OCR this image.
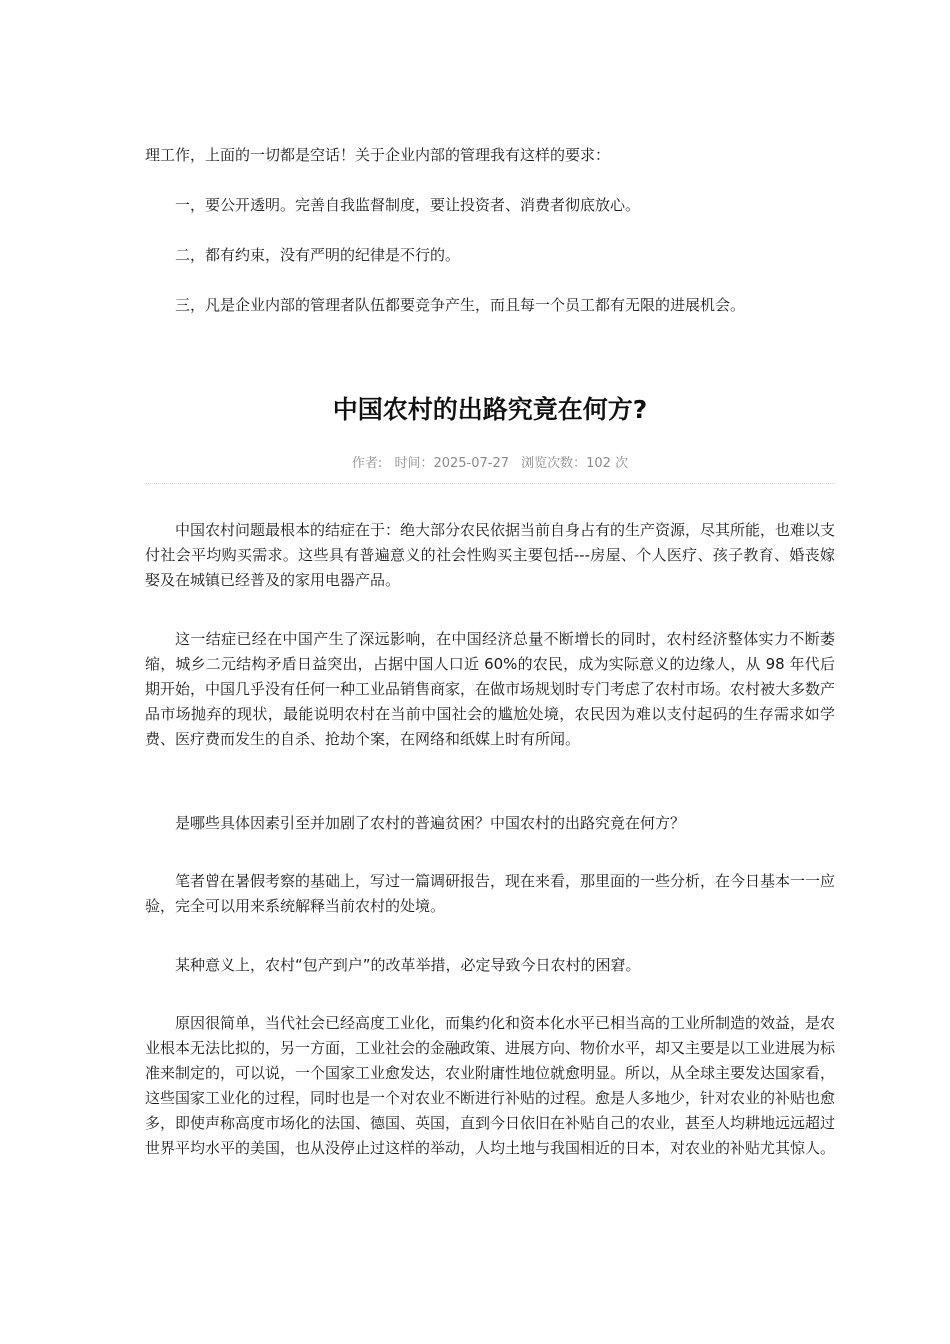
理工作，上面的一切都是空话！关于企业内部的管理我有这样的要求：

一，要公开透明。完善自我监督制度，要让投资者、消费者彻底放心。

二，都有约束，没有严明的纪律是不行的。

三，凡是企业内部的管理者队伍都要竞争产生，而且每一个员工都有无限的进展机会。

中国农村的出路究竟在何方?
作者: 时间：2025-07-27 浏览次数：102 次

中国农村问题最根本的结症在于：绝大部分农民依据当前自身占有的生产资源，尽其所能，也难以支付社会平均购买需求。这些具有普遍意义的社会性购买主要包括---房屋、个人医疗、孩子教育、婚丧嫁娶及在城镇已经普及的家用电器产品。

这一结症已经在中国产生了深远影响，在中国经济总量不断增长的同时，农村经济整体实力不断萎缩，城乡二元结构矛盾日益突出，占据中国人口近 60%的农民，成为实际意义的边缘人，从 98 年代后期开始，中国几乎没有任何一种工业品销售商家，在做市场规划时专门考虑了农村市场。农村被大多数产品市场抛弃的现状，最能说明农村在当前中国社会的尴尬处境，农民因为难以支付起码的生存需求如学费、医疗费而发生的自杀、抢劫个案，在网络和纸媒上时有所闻。

是哪些具体因素引至并加剧了农村的普遍贫困？中国农村的出路究竟在何方？

笔者曾在暑假考察的基础上，写过一篇调研报告，现在来看，那里面的一些分析，在今日基本一一应验，完全可以用来系统解释当前农村的处境。

某种意义上，农村“包产到户”的改革举措，必定导致今日农村的困窘。

原因很简单，当代社会已经高度工业化，而集约化和资本化水平已相当高的工业所制造的效益，是农业根本无法比拟的，另一方面，工业社会的金融政策、进展方向、物价水平，却又主要是以工业进展为标准来制定的，可以说，一个国家工业愈发达，农业附庸性地位就愈明显。所以，从全球主要发达国家看，这些国家工业化的过程，同时也是一个对农业不断进行补贴的过程。愈是人多地少，针对农业的补贴也愈多，即使声称高度市场化的法国、德国、英国，直到今日依旧在补贴自己的农业，甚至人均耕地远远超过世界平均水平的美国，也从没停止过这样的举动，人均土地与我国相近的日本，对农业的补贴尤其惊人。
